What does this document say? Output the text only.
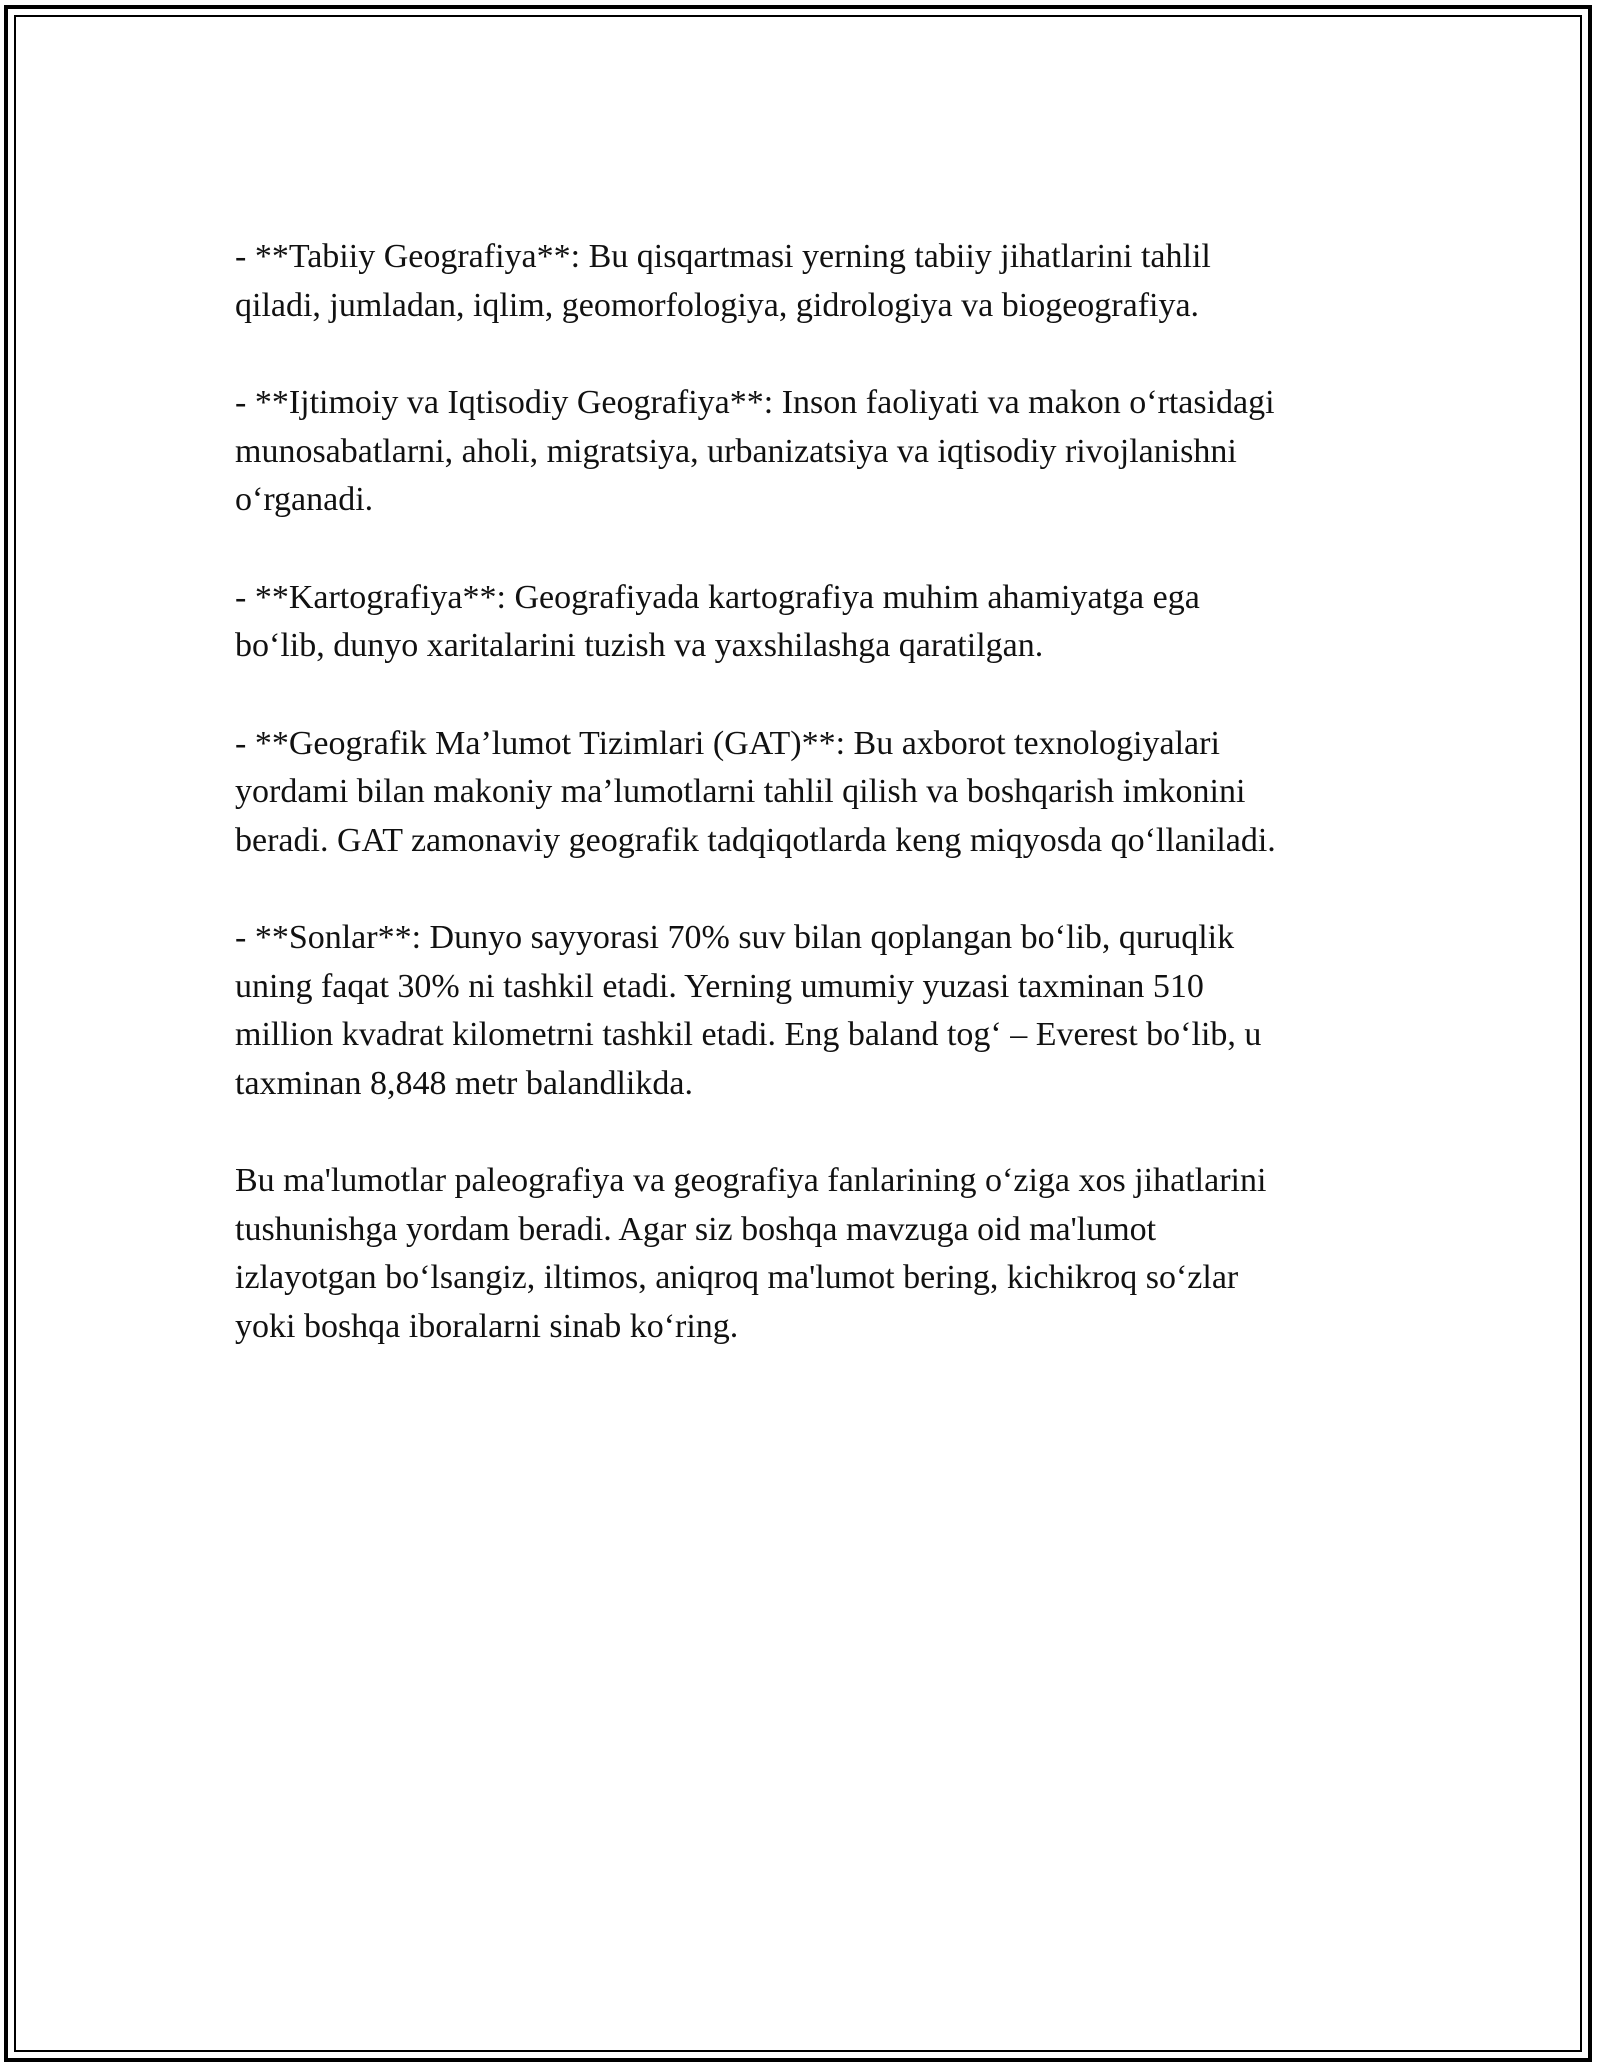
- **Tabiiy Geografiya**: Bu qisqartmasi yerning tabiiy jihatlarini tahlil
qiladi, jumladan, iqlim, geomorfologiya, gidrologiya va biogeografiya.

- **Ijtimoiy va Iqtisodiy Geografiya**: Inson faoliyati va makon o‘rtasidagi
munosabatlarni, aholi, migratsiya, urbanizatsiya va iqtisodiy rivojlanishni
o‘rganadi.

- **Kartografiya**: Geografiyada kartografiya muhim ahamiyatga ega
bo‘lib, dunyo xaritalarini tuzish va yaxshilashga qaratilgan.

- **Geografik Ma’lumot Tizimlari (GAT)**: Bu axborot texnologiyalari
yordami bilan makoniy ma’lumotlarni tahlil qilish va boshqarish imkonini
beradi. GAT zamonaviy geografik tadqiqotlarda keng miqyosda qo‘llaniladi.

- **Sonlar**: Dunyo sayyorasi 70% suv bilan qoplangan bo‘lib, quruqlik
uning faqat 30% ni tashkil etadi. Yerning umumiy yuzasi taxminan 510
million kvadrat kilometrni tashkil etadi. Eng baland tog‘ – Everest bo‘lib, u
taxminan 8,848 metr balandlikda.

Bu ma'lumotlar paleografiya va geografiya fanlarining o‘ziga xos jihatlarini
tushunishga yordam beradi. Agar siz boshqa mavzuga oid ma'lumot
izlayotgan bo‘lsangiz, iltimos, aniqroq ma'lumot bering, kichikroq so‘zlar
yoki boshqa iboralarni sinab ko‘ring.
